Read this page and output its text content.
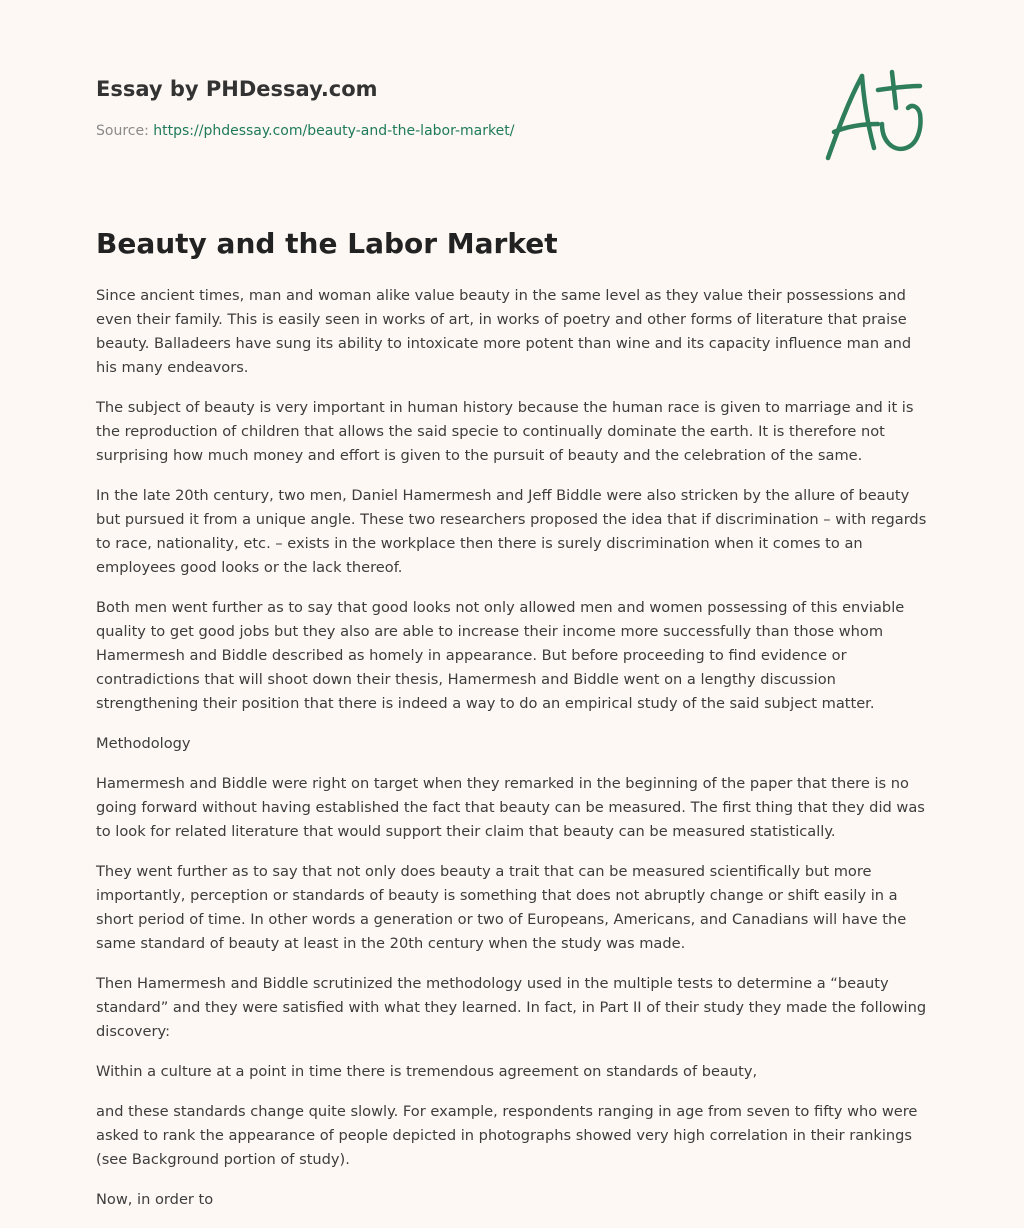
Essay by PHDessay.com
Source: https://phdessay.com/beauty-and-the-labor-market/
Beauty and the Labor Market

Since ancient times, man and woman alike value beauty in the same level as they value their possessions and even their family. This is easily seen in works of art, in works of poetry and other forms of literature that praise beauty. Balladeers have sung its ability to intoxicate more potent than wine and its capacity influence man and his many endeavors.

The subject of beauty is very important in human history because the human race is given to marriage and it is the reproduction of children that allows the said specie to continually dominate the earth. It is therefore not surprising how much money and effort is given to the pursuit of beauty and the celebration of the same.

In the late 20th century, two men, Daniel Hamermesh and Jeff Biddle were also stricken by the allure of beauty but pursued it from a unique angle. These two researchers proposed the idea that if discrimination – with regards to race, nationality, etc. – exists in the workplace then there is surely discrimination when it comes to an employees good looks or the lack thereof.

Both men went further as to say that good looks not only allowed men and women possessing of this enviable quality to get good jobs but they also are able to increase their income more successfully than those whom Hamermesh and Biddle described as homely in appearance. But before proceeding to find evidence or contradictions that will shoot down their thesis, Hamermesh and Biddle went on a lengthy discussion strengthening their position that there is indeed a way to do an empirical study of the said subject matter.

Methodology

Hamermesh and Biddle were right on target when they remarked in the beginning of the paper that there is no going forward without having established the fact that beauty can be measured. The first thing that they did was to look for related literature that would support their claim that beauty can be measured statistically.

They went further as to say that not only does beauty a trait that can be measured scientifically but more importantly, perception or standards of beauty is something that does not abruptly change or shift easily in a short period of time. In other words a generation or two of Europeans, Americans, and Canadians will have the same standard of beauty at least in the 20th century when the study was made.

Then Hamermesh and Biddle scrutinized the methodology used in the multiple tests to determine a “beauty standard” and they were satisfied with what they learned. In fact, in Part II of their study they made the following discovery:

Within a culture at a point in time there is tremendous agreement on standards of beauty,

and these standards change quite slowly. For example, respondents ranging in age from seven to fifty who were asked to rank the appearance of people depicted in photographs showed very high correlation in their rankings (see Background portion of study).

Now, in order to
